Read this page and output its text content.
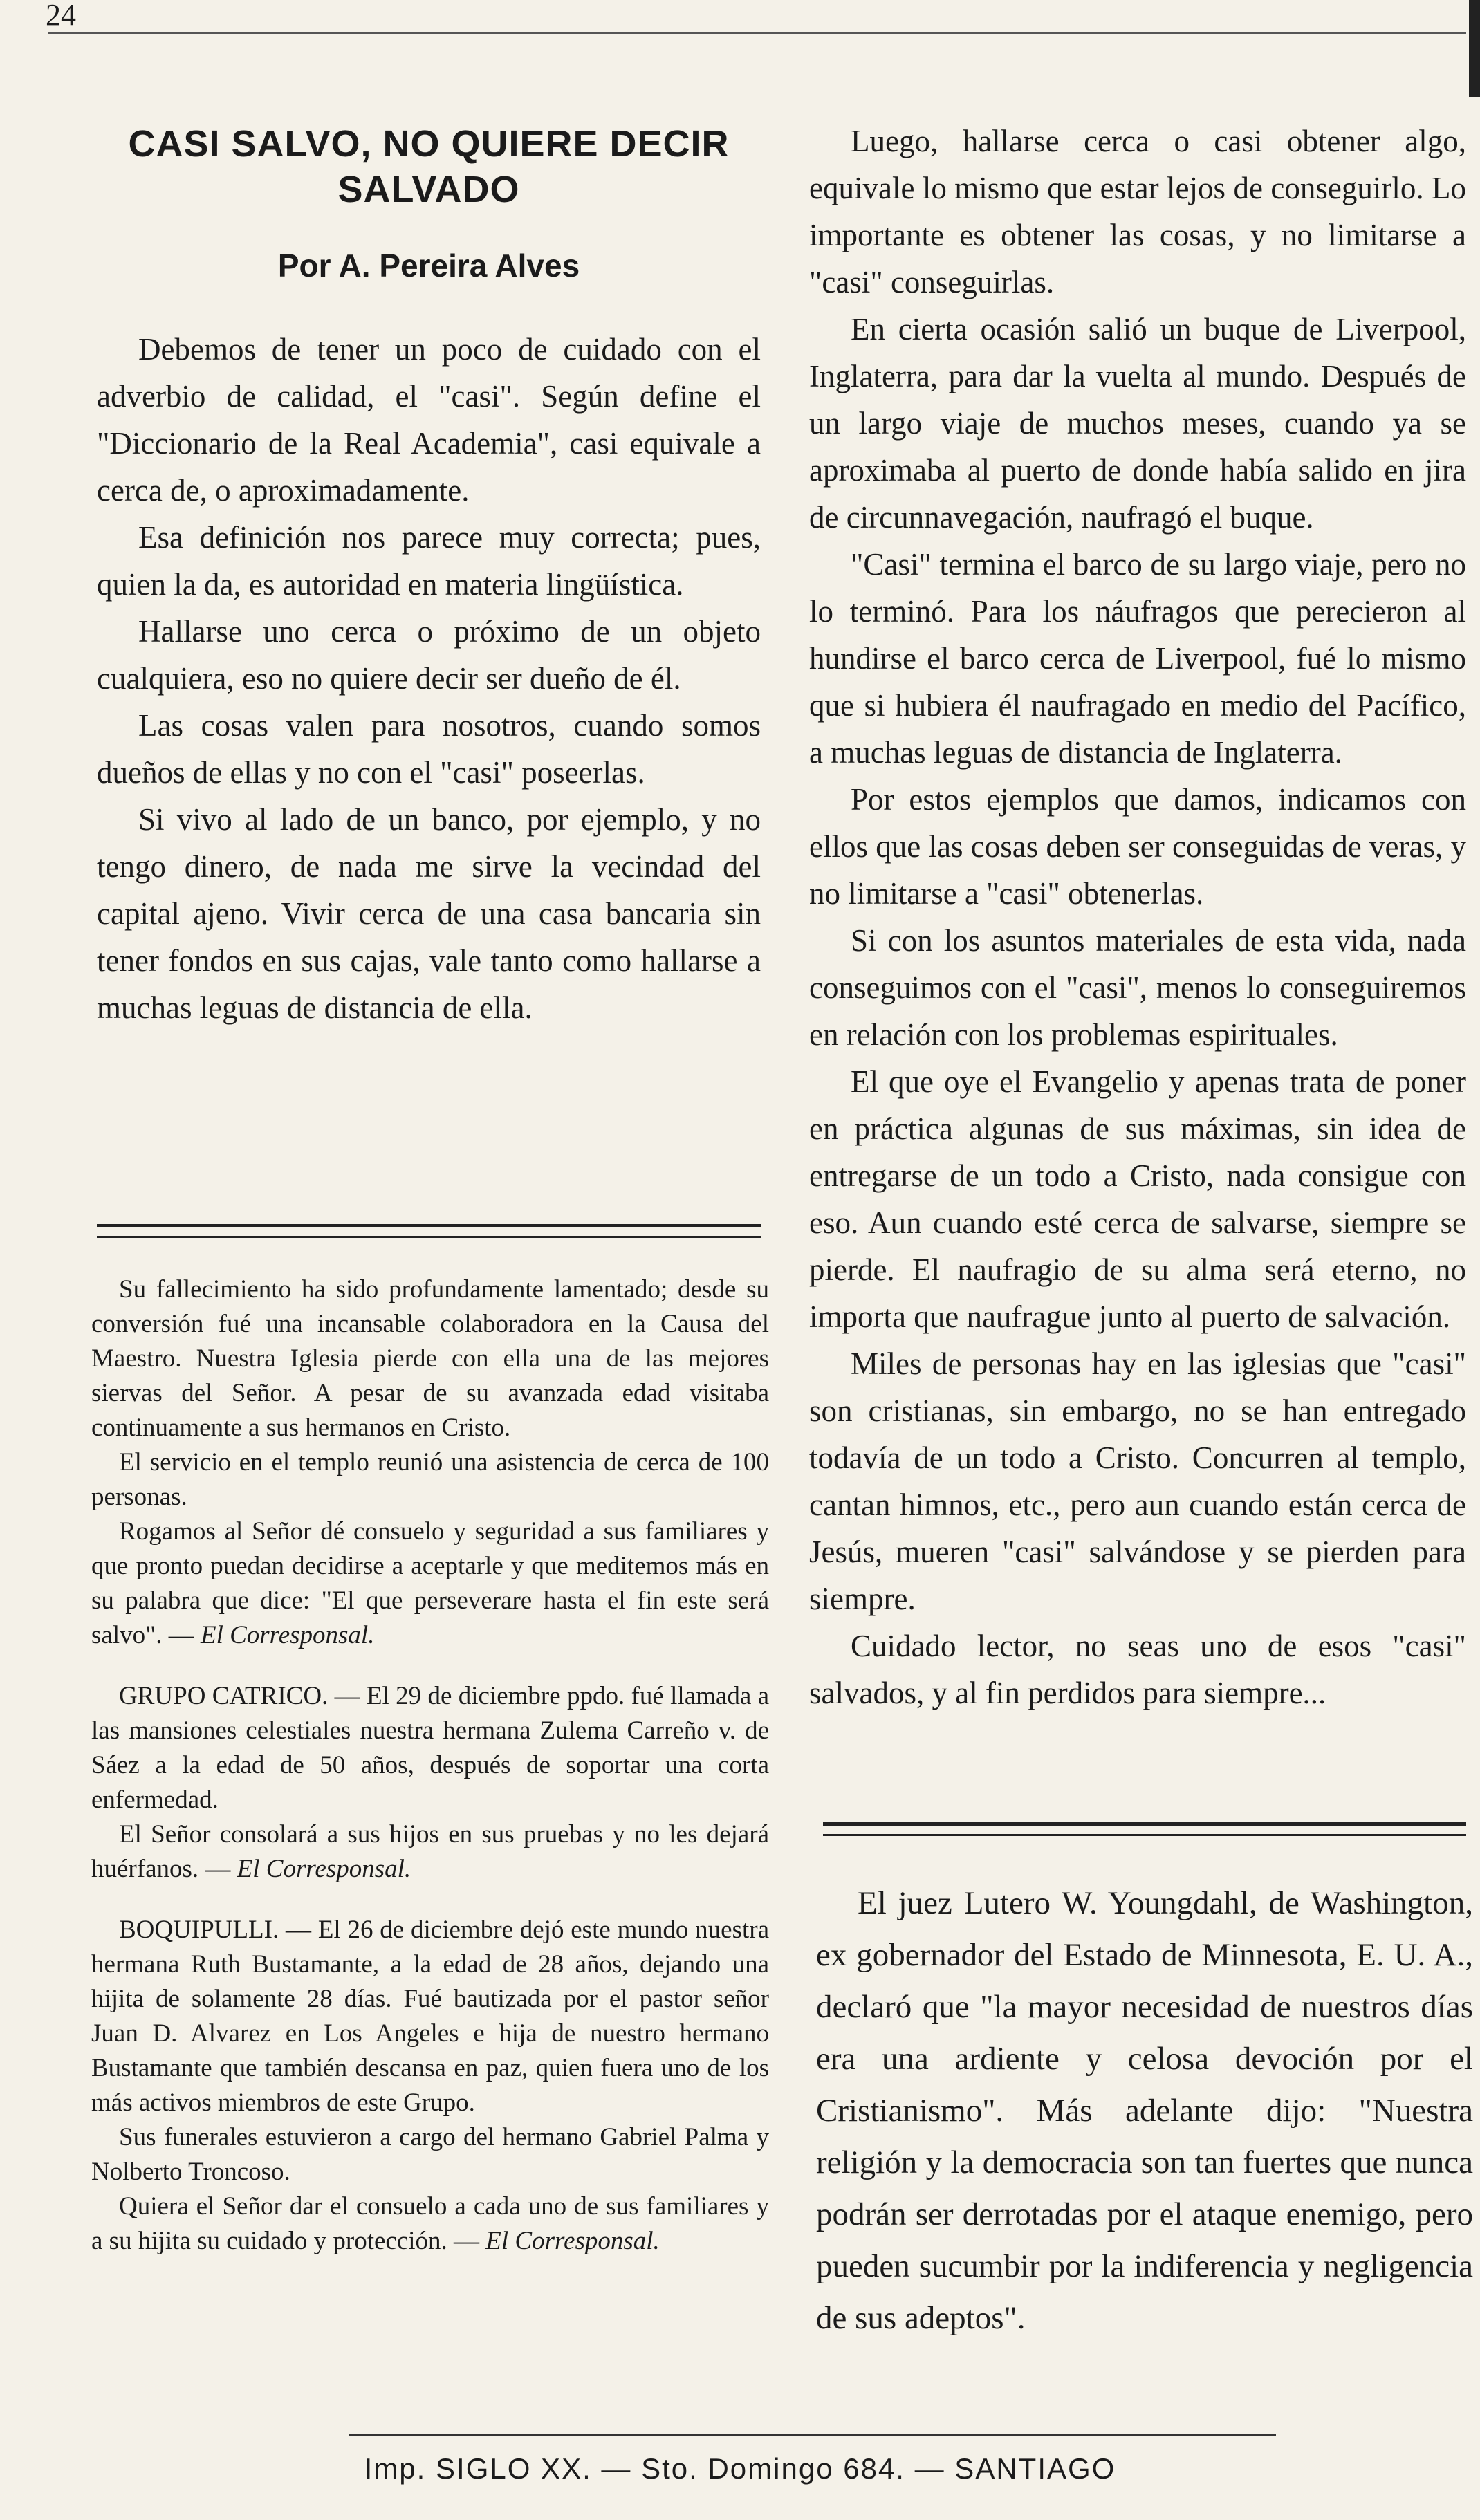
24
CASI SALVO, NO QUIERE DECIR SALVADO
Por A. Pereira Alves

Debemos de tener un poco de cuidado con el adverbio de calidad, el "casi". Según define el "Diccionario de la Real Academia", casi equivale a cerca de, o aproximadamente.

Esa definición nos parece muy correcta; pues, quien la da, es autoridad en materia lingüística.

Hallarse uno cerca o próximo de un objeto cualquiera, eso no quiere decir ser dueño de él.

Las cosas valen para nosotros, cuando somos dueños de ellas y no con el "casi" poseerlas.

Si vivo al lado de un banco, por ejemplo, y no tengo dinero, de nada me sirve la vecindad del capital ajeno. Vivir cerca de una casa bancaria sin tener fondos en sus cajas, vale tanto como hallarse a muchas leguas de distancia de ella.

Su fallecimiento ha sido profundamente lamentado; desde su conversión fué una incansable colaboradora en la Causa del Maestro. Nuestra Iglesia pierde con ella una de las mejores siervas del Señor. A pesar de su avanzada edad visitaba continuamente a sus hermanos en Cristo.

El servicio en el templo reunió una asistencia de cerca de 100 personas.

Rogamos al Señor dé consuelo y seguridad a sus familiares y que pronto puedan decidirse a aceptarle y que meditemos más en su palabra que dice: "El que perseverare hasta el fin este será salvo". — El Corresponsal.

GRUPO CATRICO. — El 29 de diciembre ppdo. fué llamada a las mansiones celestiales nuestra hermana Zulema Carreño v. de Sáez a la edad de 50 años, después de soportar una corta enfermedad.

El Señor consolará a sus hijos en sus pruebas y no les dejará huérfanos. — El Corresponsal.

BOQUIPULLI. — El 26 de diciembre dejó este mundo nuestra hermana Ruth Bustamante, a la edad de 28 años, dejando una hijita de solamente 28 días. Fué bautizada por el pastor señor Juan D. Alvarez en Los Angeles e hija de nuestro hermano Bustamante que también descansa en paz, quien fuera uno de los más activos miembros de este Grupo.

Sus funerales estuvieron a cargo del hermano Gabriel Palma y Nolberto Troncoso.

Quiera el Señor dar el consuelo a cada uno de sus familiares y a su hijita su cuidado y protección. — El Corresponsal.

Luego, hallarse cerca o casi obtener algo, equivale lo mismo que estar lejos de conseguirlo. Lo importante es obtener las cosas, y no limitarse a "casi" conseguirlas.

En cierta ocasión salió un buque de Liverpool, Inglaterra, para dar la vuelta al mundo. Después de un largo viaje de muchos meses, cuando ya se aproximaba al puerto de donde había salido en jira de circunnavegación, naufragó el buque.

"Casi" termina el barco de su largo viaje, pero no lo terminó. Para los náufragos que perecieron al hundirse el barco cerca de Liverpool, fué lo mismo que si hubiera él naufragado en medio del Pacífico, a muchas leguas de distancia de Inglaterra.

Por estos ejemplos que damos, indicamos con ellos que las cosas deben ser conseguidas de veras, y no limitarse a "casi" obtenerlas.

Si con los asuntos materiales de esta vida, nada conseguimos con el "casi", menos lo conseguiremos en relación con los problemas espirituales.

El que oye el Evangelio y apenas trata de poner en práctica algunas de sus máximas, sin idea de entregarse de un todo a Cristo, nada consigue con eso. Aun cuando esté cerca de salvarse, siempre se pierde. El naufragio de su alma será eterno, no importa que naufrague junto al puerto de salvación.

Miles de personas hay en las iglesias que "casi" son cristianas, sin embargo, no se han entregado todavía de un todo a Cristo. Concurren al templo, cantan himnos, etc., pero aun cuando están cerca de Jesús, mueren "casi" salvándose y se pierden para siempre.

Cuidado lector, no seas uno de esos "casi" salvados, y al fin perdidos para siempre...

El juez Lutero W. Youngdahl, de Washington, ex gobernador del Estado de Minnesota, E. U. A., declaró que "la mayor necesidad de nuestros días era una ardiente y celosa devoción por el Cristianismo". Más adelante dijo: "Nuestra religión y la democracia son tan fuertes que nunca podrán ser derrotadas por el ataque enemigo, pero pueden sucumbir por la indiferencia y negligencia de sus adeptos".

Imp. SIGLO XX. — Sto. Domingo 684. — SANTIAGO
